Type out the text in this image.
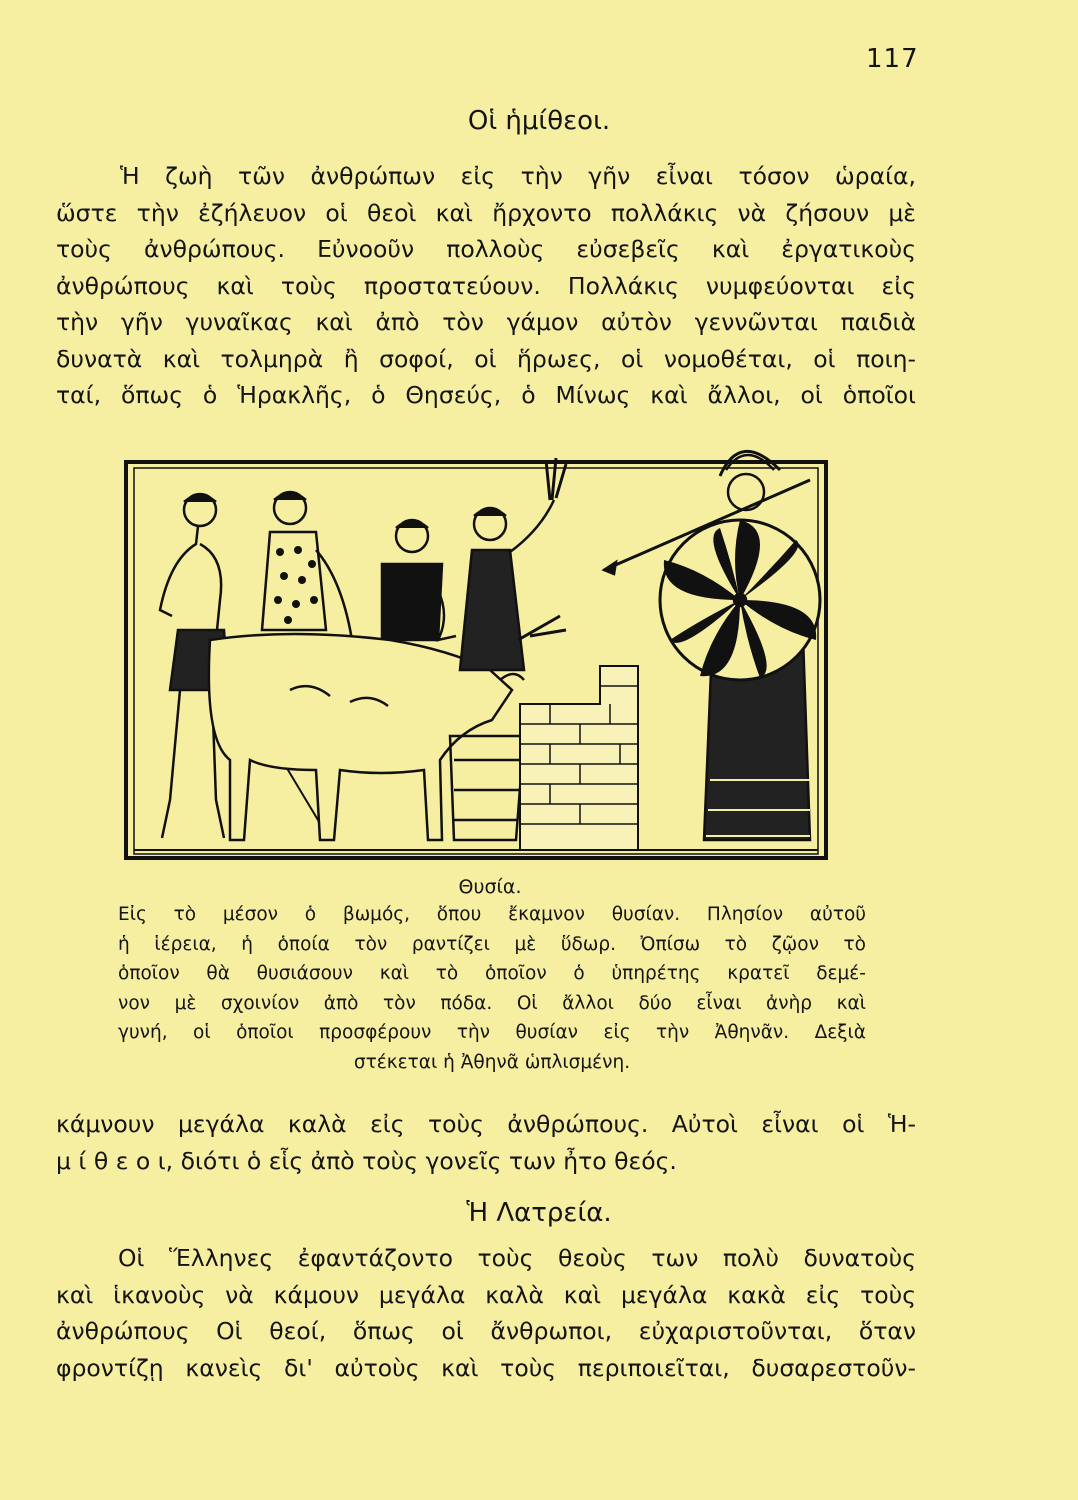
117
Οἱ ἡμίθεοι.
Ἡ ζωὴ τῶν ἀνθρώπων εἰς τὴν γῆν εἶναι τόσον ὡραία,
ὥστε τὴν ἐζήλευον οἱ θεοὶ καὶ ἤρχοντο πολλάκις νὰ ζήσουν μὲ
τοὺς ἀνθρώπους. Εὐνοοῦν πολλοὺς εὐσεβεῖς καὶ ἐργατικοὺς
ἀνθρώπους καὶ τοὺς προστατεύουν. Πολλάκις νυμφεύονται εἰς
τὴν γῆν γυναῖκας καὶ ἀπὸ τὸν γάμον αὐτὸν γεννῶνται παιδιὰ
δυνατὰ καὶ τολμηρὰ ἢ σοφοί, οἱ ἥρωες, οἱ νομοθέται, οἱ ποιη-
ταί, ὅπως ὁ Ἡρακλῆς, ὁ Θησεύς, ὁ Μίνως καὶ ἄλλοι, οἱ ὁποῖοι
Θυσία.
Εἰς τὸ μέσον ὁ βωμός, ὅπου ἔκαμνον θυσίαν. Πλησίον αὐτοῦ
ἡ ἱέρεια, ἡ ὁποία τὸν ραντίζει μὲ ὕδωρ. Ὀπίσω τὸ ζῷον τὸ
ὁποῖον θὰ θυσιάσουν καὶ τὸ ὁποῖον ὁ ὑπηρέτης κρατεῖ δεμέ-
νον μὲ σχοινίον ἀπὸ τὸν πόδα. Οἱ ἄλλοι δύο εἶναι ἀνὴρ καὶ
γυνή, οἱ ὁποῖοι προσφέρουν τὴν θυσίαν εἰς τὴν Ἀθηνᾶν. Δεξιὰ
στέκεται ἡ Ἀθηνᾶ ὡπλισμένη.
κάμνουν μεγάλα καλὰ εἰς τοὺς ἀνθρώπους. Αὐτοὶ εἶναι οἱ Ἡ-
μ ί θ ε ο ι, διότι ὁ εἷς ἀπὸ τοὺς γονεῖς των ἦτο θεός.
Ἡ Λατρεία.
Οἱ Ἕλληνες ἐφαντάζοντο τοὺς θεοὺς των πολὺ δυνατοὺς
καὶ ἱκανοὺς νὰ κάμουν μεγάλα καλὰ καὶ μεγάλα κακὰ εἰς τοὺς
ἀνθρώπους Οἱ θεοί, ὅπως οἱ ἄνθρωποι, εὐχαριστοῦνται, ὅταν
φροντίζῃ κανεὶς δι' αὐτοὺς καὶ τοὺς περιποιεῖται, δυσαρεστοῦν-
